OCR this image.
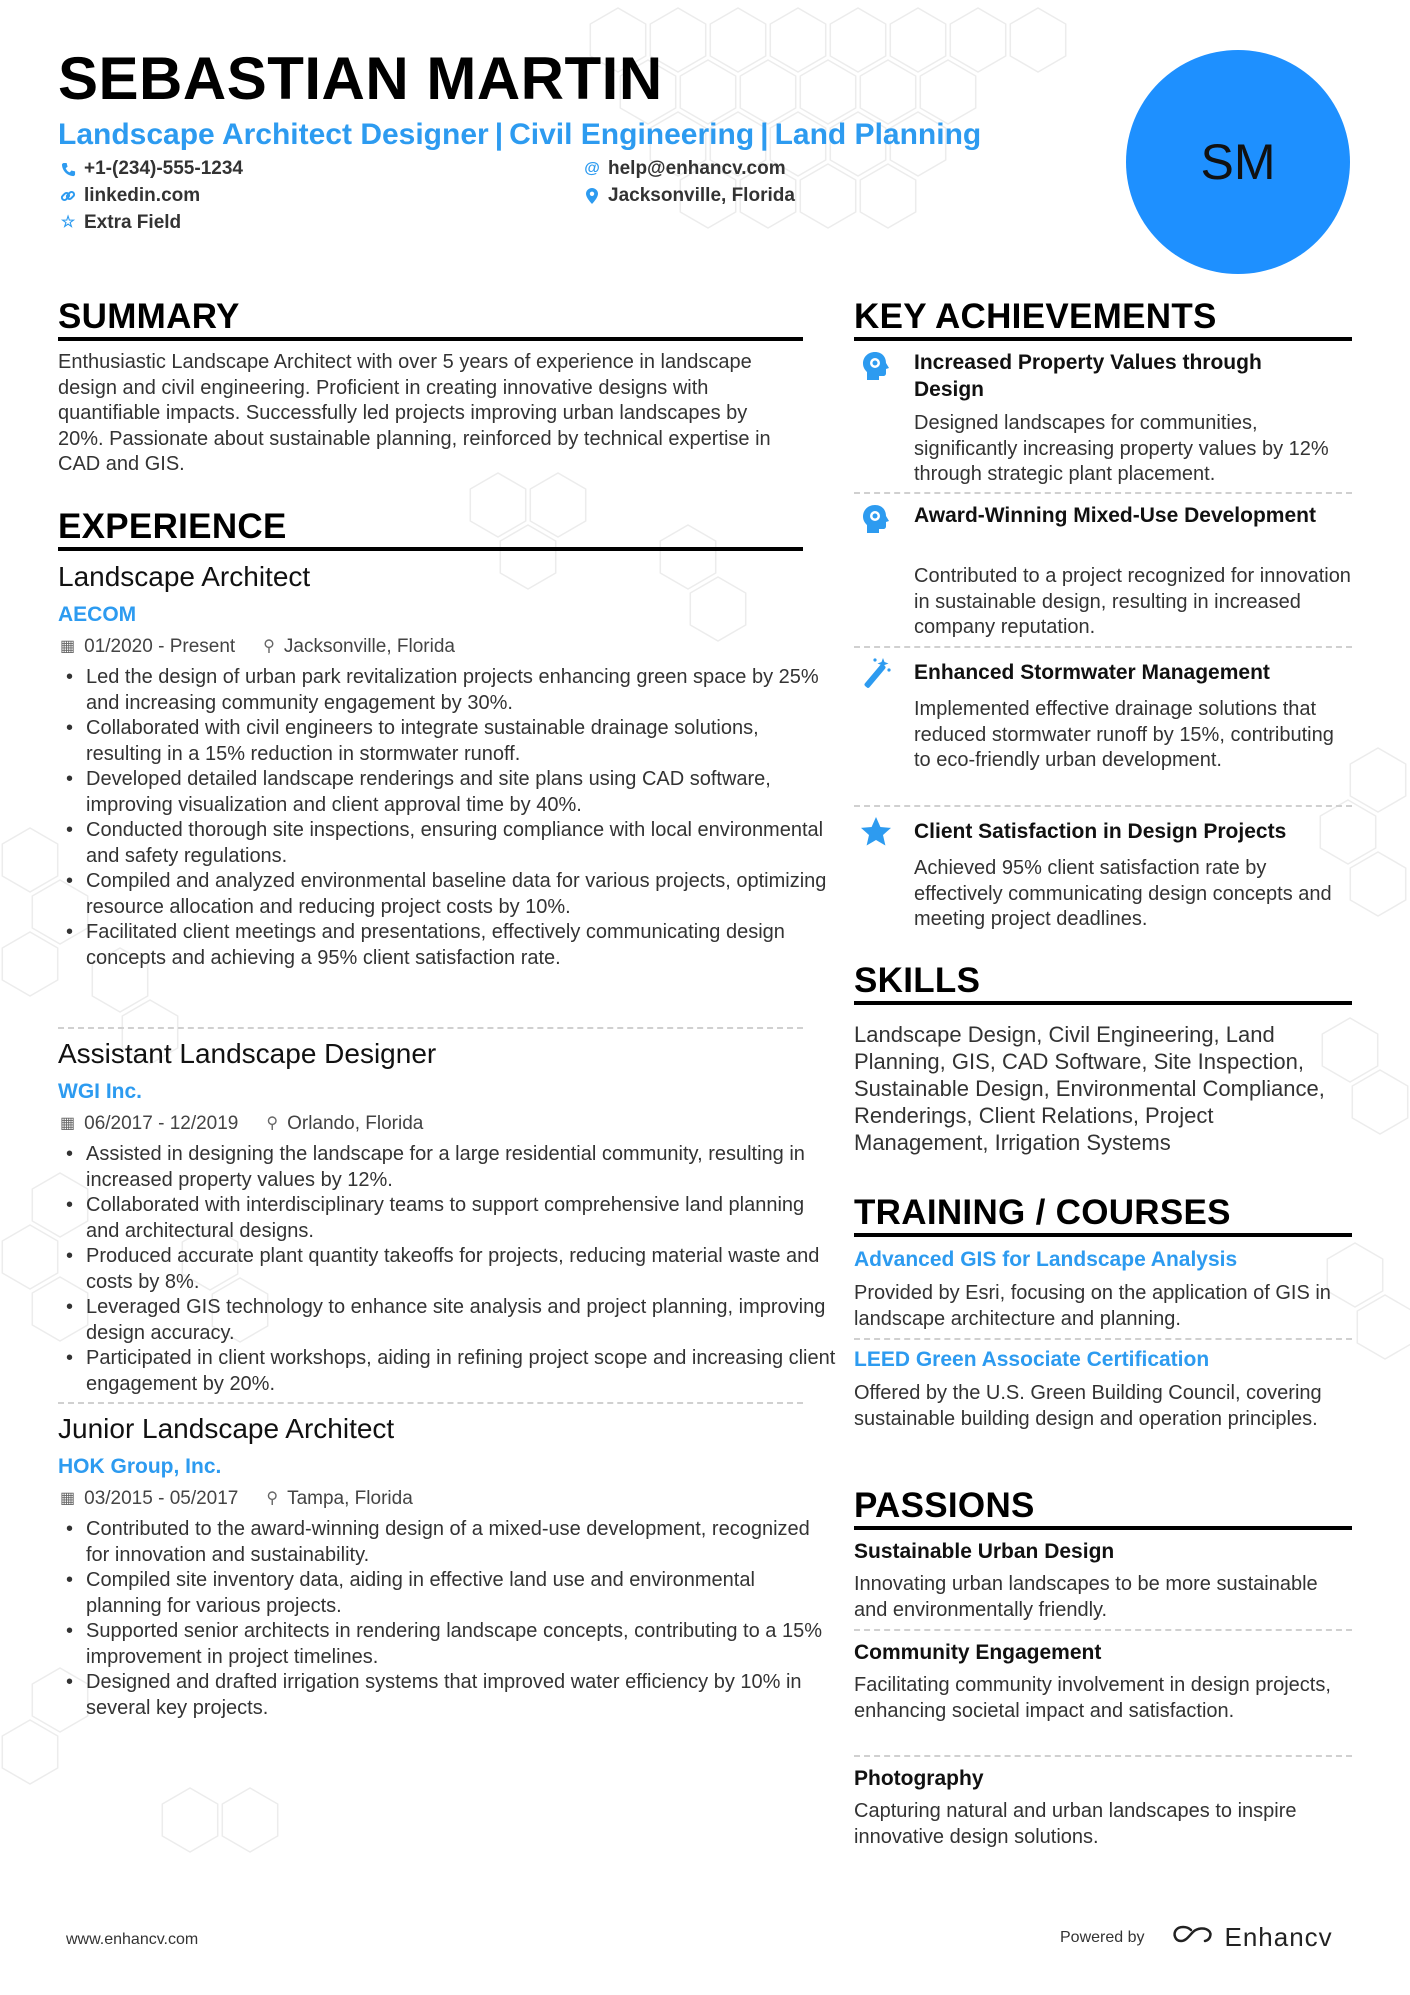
SEBASTIAN MARTIN
Landscape Architect Designer | Civil Engineering | Land Planning
+1-(234)-555-1234	@ help@enhancv.com
linkedin.com	Jacksonville, Florida
☆ Extra Field
SM
SUMMARY
Enthusiastic Landscape Architect with over 5 years of experience in landscape design and civil engineering. Proficient in creating innovative designs with quantifiable impacts. Successfully led projects improving urban landscapes by 20%. Passionate about sustainable planning, reinforced by technical expertise in CAD and GIS.
EXPERIENCE
Landscape Architect
AECOM
▦ 01/2020 - Present ⚲ Jacksonville, Florida
• Led the design of urban park revitalization projects enhancing green space by 25% and increasing community engagement by 30%.
• Collaborated with civil engineers to integrate sustainable drainage solutions, resulting in a 15% reduction in stormwater runoff.
• Developed detailed landscape renderings and site plans using CAD software, improving visualization and client approval time by 40%.
• Conducted thorough site inspections, ensuring compliance with local environmental and safety regulations.
• Compiled and analyzed environmental baseline data for various projects, optimizing resource allocation and reducing project costs by 10%.
• Facilitated client meetings and presentations, effectively communicating design concepts and achieving a 95% client satisfaction rate.
Assistant Landscape Designer
WGI Inc.
▦ 06/2017 - 12/2019 ⚲ Orlando, Florida
• Assisted in designing the landscape for a large residential community, resulting in increased property values by 12%.
• Collaborated with interdisciplinary teams to support comprehensive land planning and architectural designs.
• Produced accurate plant quantity takeoffs for projects, reducing material waste and costs by 8%.
• Leveraged GIS technology to enhance site analysis and project planning, improving design accuracy.
• Participated in client workshops, aiding in refining project scope and increasing client engagement by 20%.
Junior Landscape Architect
HOK Group, Inc.
▦ 03/2015 - 05/2017 ⚲ Tampa, Florida
• Contributed to the award-winning design of a mixed-use development, recognized for innovation and sustainability.
• Compiled site inventory data, aiding in effective land use and environmental planning for various projects.
• Supported senior architects in rendering landscape concepts, contributing to a 15% improvement in project timelines.
• Designed and drafted irrigation systems that improved water efficiency by 10% in several key projects.
KEY ACHIEVEMENTS
Increased Property Values through Design
Designed landscapes for communities, significantly increasing property values by 12% through strategic plant placement.
Award-Winning Mixed-Use Development
Contributed to a project recognized for innovation in sustainable design, resulting in increased company reputation.
Enhanced Stormwater Management
Implemented effective drainage solutions that reduced stormwater runoff by 15%, contributing to eco-friendly urban development.
Client Satisfaction in Design Projects
Achieved 95% client satisfaction rate by effectively communicating design concepts and meeting project deadlines.
SKILLS
Landscape Design, Civil Engineering, Land Planning, GIS, CAD Software, Site Inspection, Sustainable Design, Environmental Compliance, Renderings, Client Relations, Project Management, Irrigation Systems
TRAINING / COURSES
Advanced GIS for Landscape Analysis
Provided by Esri, focusing on the application of GIS in landscape architecture and planning.
LEED Green Associate Certification
Offered by the U.S. Green Building Council, covering sustainable building design and operation principles.
PASSIONS
Sustainable Urban Design
Innovating urban landscapes to be more sustainable and environmentally friendly.
Community Engagement
Facilitating community involvement in design projects, enhancing societal impact and satisfaction.
Photography
Capturing natural and urban landscapes to inspire innovative design solutions.
www.enhancv.com	Powered by	Enhancv
